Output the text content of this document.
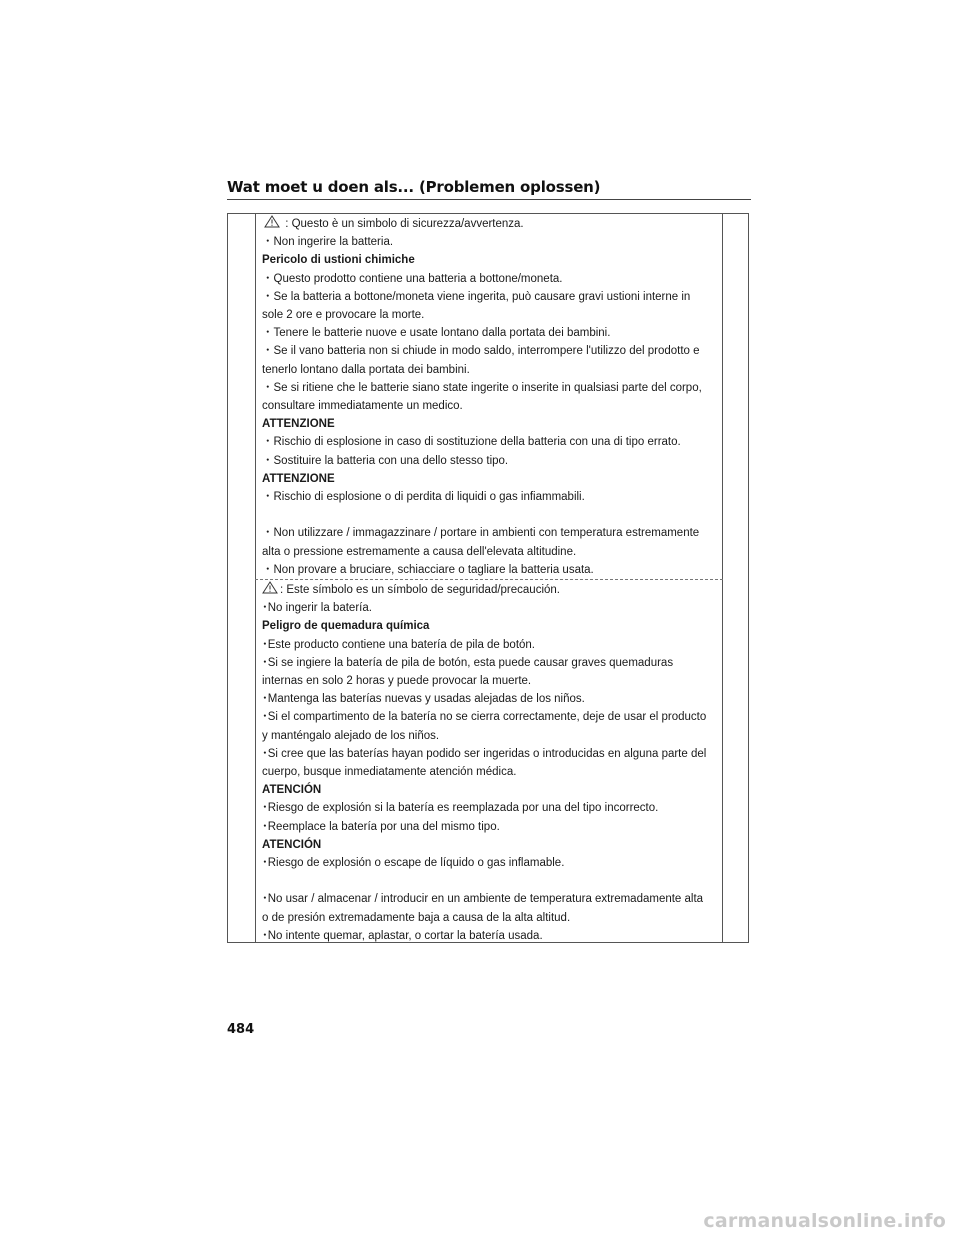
Wat moet u doen als... (Problemen oplossen)
: Questo è un simbolo di sicurezza/avvertenza.
・Non ingerire la batteria.
Pericolo di ustioni chimiche
・Questo prodotto contiene una batteria a bottone/moneta.
・Se la batteria a bottone/moneta viene ingerita, può causare gravi ustioni interne in sole 2 ore e provocare la morte.
・Tenere le batterie nuove e usate lontano dalla portata dei bambini.
・Se il vano batteria non si chiude in modo saldo, interrompere l'utilizzo del prodotto e tenerlo lontano dalla portata dei bambini.
・Se si ritiene che le batterie siano state ingerite o inserite in qualsiasi parte del corpo, consultare immediatamente un medico.
ATTENZIONE
・Rischio di esplosione in caso di sostituzione della batteria con una di tipo errato.
・Sostituire la batteria con una dello stesso tipo.
ATTENZIONE
・Rischio di esplosione o di perdita di liquidi o gas infiammabili.
・Non utilizzare / immagazzinare / portare in ambienti con temperatura estremamente alta o pressione estremamente a causa dell'elevata altitudine.
・Non provare a bruciare, schiacciare o tagliare la batteria usata.
: Este símbolo es un símbolo de seguridad/precaución.
･No ingerir la batería.
Peligro de quemadura química
･Este producto contiene una batería de pila de botón.
･Si se ingiere la batería de pila de botón, esta puede causar graves quemaduras internas en solo 2 horas y puede provocar la muerte.
･Mantenga las baterías nuevas y usadas alejadas de los niños.
･Si el compartimento de la batería no se cierra correctamente, deje de usar el producto y manténgalo alejado de los niños.
･Si cree que las baterías hayan podido ser ingeridas o introducidas en alguna parte del cuerpo, busque inmediatamente atención médica.
ATENCIÓN
･Riesgo de explosión si la batería es reemplazada por una del tipo incorrecto.
･Reemplace la batería por una del mismo tipo.
ATENCIÓN
･Riesgo de explosión o escape de líquido o gas inflamable.
･No usar / almacenar / introducir en un ambiente de temperatura extremadamente alta o de presión extremadamente baja a causa de la alta altitud.
･No intente quemar, aplastar, o cortar la batería usada.
484
carmanualsonline.info
